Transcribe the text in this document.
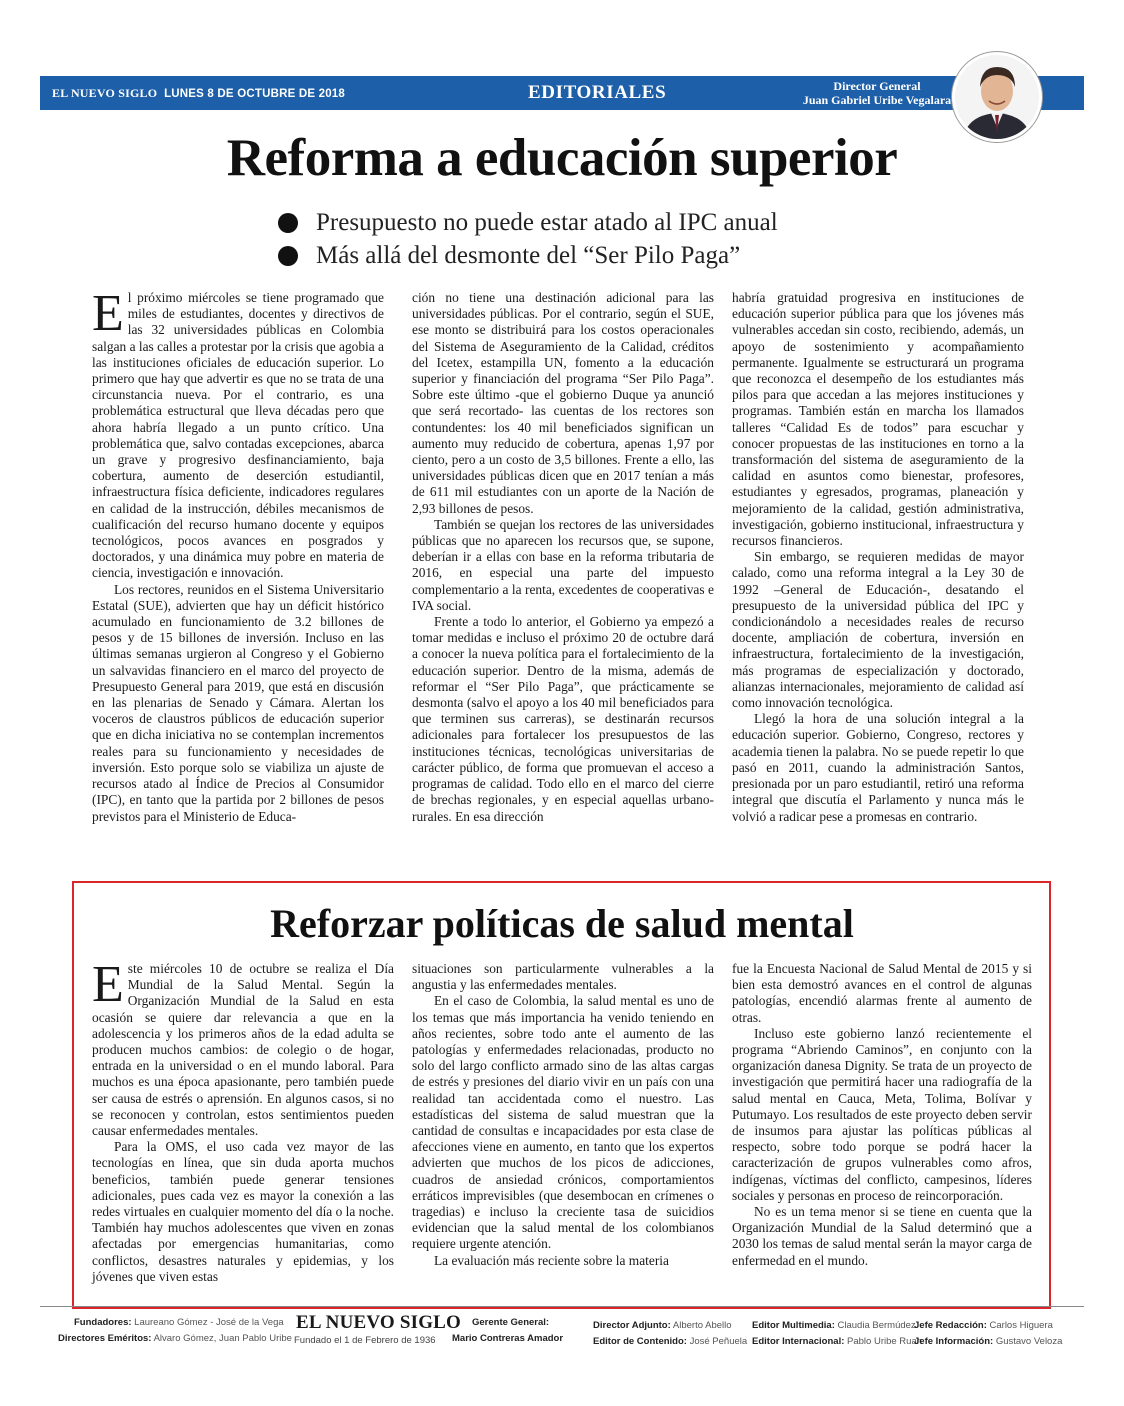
EL NUEVO SIGLO LUNES 8 DE OCTUBRE DE 2018	EDITORIALES	Director General
Juan Gabriel Uribe Vegalara	3A
Reforma a educación superior
Presupuesto no puede estar atado al IPC anual
Más allá del desmonte del “Ser Pilo Paga”

El próximo miércoles se tiene programado que miles de estudiantes, docentes y directivos de las 32 universidades públicas en Colombia salgan a las calles a protestar por la crisis que agobia a las instituciones oficiales de educación superior. Lo primero que hay que advertir es que no se trata de una circunstancia nueva. Por el contrario, es una problemática estructural que lleva décadas pero que ahora habría llegado a un punto crítico. Una problemática que, salvo contadas excepciones, abarca un grave y progresivo desfinanciamiento, baja cobertura, aumento de deserción estudiantil, infraestructura física deficiente, indicadores regulares en calidad de la instrucción, débiles mecanismos de cualificación del recurso humano docente y equipos tecnológicos, pocos avances en posgrados y doctorados, y una dinámica muy pobre en materia de ciencia, investigación e innovación.

Los rectores, reunidos en el Sistema Universitario Estatal (SUE), advierten que hay un déficit histórico acumulado en funcionamiento de 3.2 billones de pesos y de 15 billones de inversión. Incluso en las últimas semanas urgieron al Congreso y el Gobierno un salvavidas financiero en el marco del proyecto de Presupuesto General para 2019, que está en discusión en las plenarias de Senado y Cámara. Alertan los voceros de claustros públicos de educación superior que en dicha iniciativa no se contemplan incrementos reales para su funcionamiento y necesidades de inversión. Esto porque solo se viabiliza un ajuste de recursos atado al Índice de Precios al Consumidor (IPC), en tanto que la partida por 2 billones de pesos previstos para el Ministerio de Educa-

ción no tiene una destinación adicional para las universidades públicas. Por el contrario, según el SUE, ese monto se distribuirá para los costos operacionales del Sistema de Aseguramiento de la Calidad, créditos del Icetex, estampilla UN, fomento a la educación superior y financiación del programa “Ser Pilo Paga”. Sobre este último -que el gobierno Duque ya anunció que será recortado- las cuentas de los rectores son contundentes: los 40 mil beneficiados significan un aumento muy reducido de cobertura, apenas 1,97 por ciento, pero a un costo de 3,5 billones. Frente a ello, las universidades públicas dicen que en 2017 tenían a más de 611 mil estudiantes con un aporte de la Nación de 2,93 billones de pesos.

También se quejan los rectores de las universidades públicas que no aparecen los recursos que, se supone, deberían ir a ellas con base en la reforma tributaria de 2016, en especial una parte del impuesto complementario a la renta, excedentes de cooperativas e IVA social.

Frente a todo lo anterior, el Gobierno ya empezó a tomar medidas e incluso el próximo 20 de octubre dará a conocer la nueva política para el fortalecimiento de la educación superior. Dentro de la misma, además de reformar el “Ser Pilo Paga”, que prácticamente se desmonta (salvo el apoyo a los 40 mil beneficiados para que terminen sus carreras), se destinarán recursos adicionales para fortalecer los presupuestos de las instituciones técnicas, tecnológicas universitarias de carácter público, de forma que promuevan el acceso a programas de calidad. Todo ello en el marco del cierre de brechas regionales, y en especial aquellas urbano-rurales. En esa dirección

habría gratuidad progresiva en instituciones de educación superior pública para que los jóvenes más vulnerables accedan sin costo, recibiendo, además, un apoyo de sostenimiento y acompañamiento permanente. Igualmente se estructurará un programa que reconozca el desempeño de los estudiantes más pilos para que accedan a las mejores instituciones y programas. También están en marcha los llamados talleres “Calidad Es de todos” para escuchar y conocer propuestas de las instituciones en torno a la transformación del sistema de aseguramiento de la calidad en asuntos como bienestar, profesores, estudiantes y egresados, programas, planeación y mejoramiento de la calidad, gestión administrativa, investigación, gobierno institucional, infraestructura y recursos financieros.

Sin embargo, se requieren medidas de mayor calado, como una reforma integral a la Ley 30 de 1992 –General de Educación-, desatando el presupuesto de la universidad pública del IPC y condicionándolo a necesidades reales de recurso docente, ampliación de cobertura, inversión en infraestructura, fortalecimiento de la investigación, más programas de especialización y doctorado, alianzas internacionales, mejoramiento de calidad así como innovación tecnológica.

Llegó la hora de una solución integral a la educación superior. Gobierno, Congreso, rectores y academia tienen la palabra. No se puede repetir lo que pasó en 2011, cuando la administración Santos, presionada por un paro estudiantil, retiró una reforma integral que discutía el Parlamento y nunca más le volvió a radicar pese a promesas en contrario.

Reforzar políticas de salud mental

Este miércoles 10 de octubre se realiza el Día Mundial de la Salud Mental. Según la Organización Mundial de la Salud en esta ocasión se quiere dar relevancia a que en la adolescencia y los primeros años de la edad adulta se producen muchos cambios: de colegio o de hogar, entrada en la universidad o en el mundo laboral. Para muchos es una época apasionante, pero también puede ser causa de estrés o aprensión. En algunos casos, si no se reconocen y controlan, estos sentimientos pueden causar enfermedades mentales.

Para la OMS, el uso cada vez mayor de las tecnologías en línea, que sin duda aporta muchos beneficios, también puede generar tensiones adicionales, pues cada vez es mayor la conexión a las redes virtuales en cualquier momento del día o la noche. También hay muchos adolescentes que viven en zonas afectadas por emergencias humanitarias, como conflictos, desastres naturales y epidemias, y los jóvenes que viven estas

situaciones son particularmente vulnerables a la angustia y las enfermedades mentales.

En el caso de Colombia, la salud mental es uno de los temas que más importancia ha venido teniendo en años recientes, sobre todo ante el aumento de las patologías y enfermedades relacionadas, producto no solo del largo conflicto armado sino de las altas cargas de estrés y presiones del diario vivir en un país con una realidad tan accidentada como el nuestro. Las estadísticas del sistema de salud muestran que la cantidad de consultas e incapacidades por esta clase de afecciones viene en aumento, en tanto que los expertos advierten que muchos de los picos de adicciones, cuadros de ansiedad crónicos, comportamientos erráticos imprevisibles (que desembocan en crímenes o tragedias) e incluso la creciente tasa de suicidios evidencian que la salud mental de los colombianos requiere urgente atención.

La evaluación más reciente sobre la materia

fue la Encuesta Nacional de Salud Mental de 2015 y si bien esta demostró avances en el control de algunas patologías, encendió alarmas frente al aumento de otras.

Incluso este gobierno lanzó recientemente el programa “Abriendo Caminos”, en conjunto con la organización danesa Dignity. Se trata de un proyecto de investigación que permitirá hacer una radiografía de la salud mental en Cauca, Meta, Tolima, Bolívar y Putumayo. Los resultados de este proyecto deben servir de insumos para ajustar las políticas públicas al respecto, sobre todo porque se podrá hacer la caracterización de grupos vulnerables como afros, indígenas, víctimas del conflicto, campesinos, líderes sociales y personas en proceso de reincorporación.

No es un tema menor si se tiene en cuenta que la Organización Mundial de la Salud determinó que a 2030 los temas de salud mental serán la mayor carga de enfermedad en el mundo.

Fundadores: Laureano Gómez - José de la Vega
Directores Eméritos: Alvaro Gómez, Juan Pablo Uribe
EL NUEVO SIGLO
Fundado el 1 de Febrero de 1936
Gerente General:
Mario Contreras Amador
Director Adjunto: Alberto Abello
Editor de Contenido: José Peñuela
Editor Multimedia: Claudia Bermúdez
Editor Internacional: Pablo Uribe Ruan
Jefe Redacción: Carlos Higuera
Jefe Información: Gustavo Veloza
